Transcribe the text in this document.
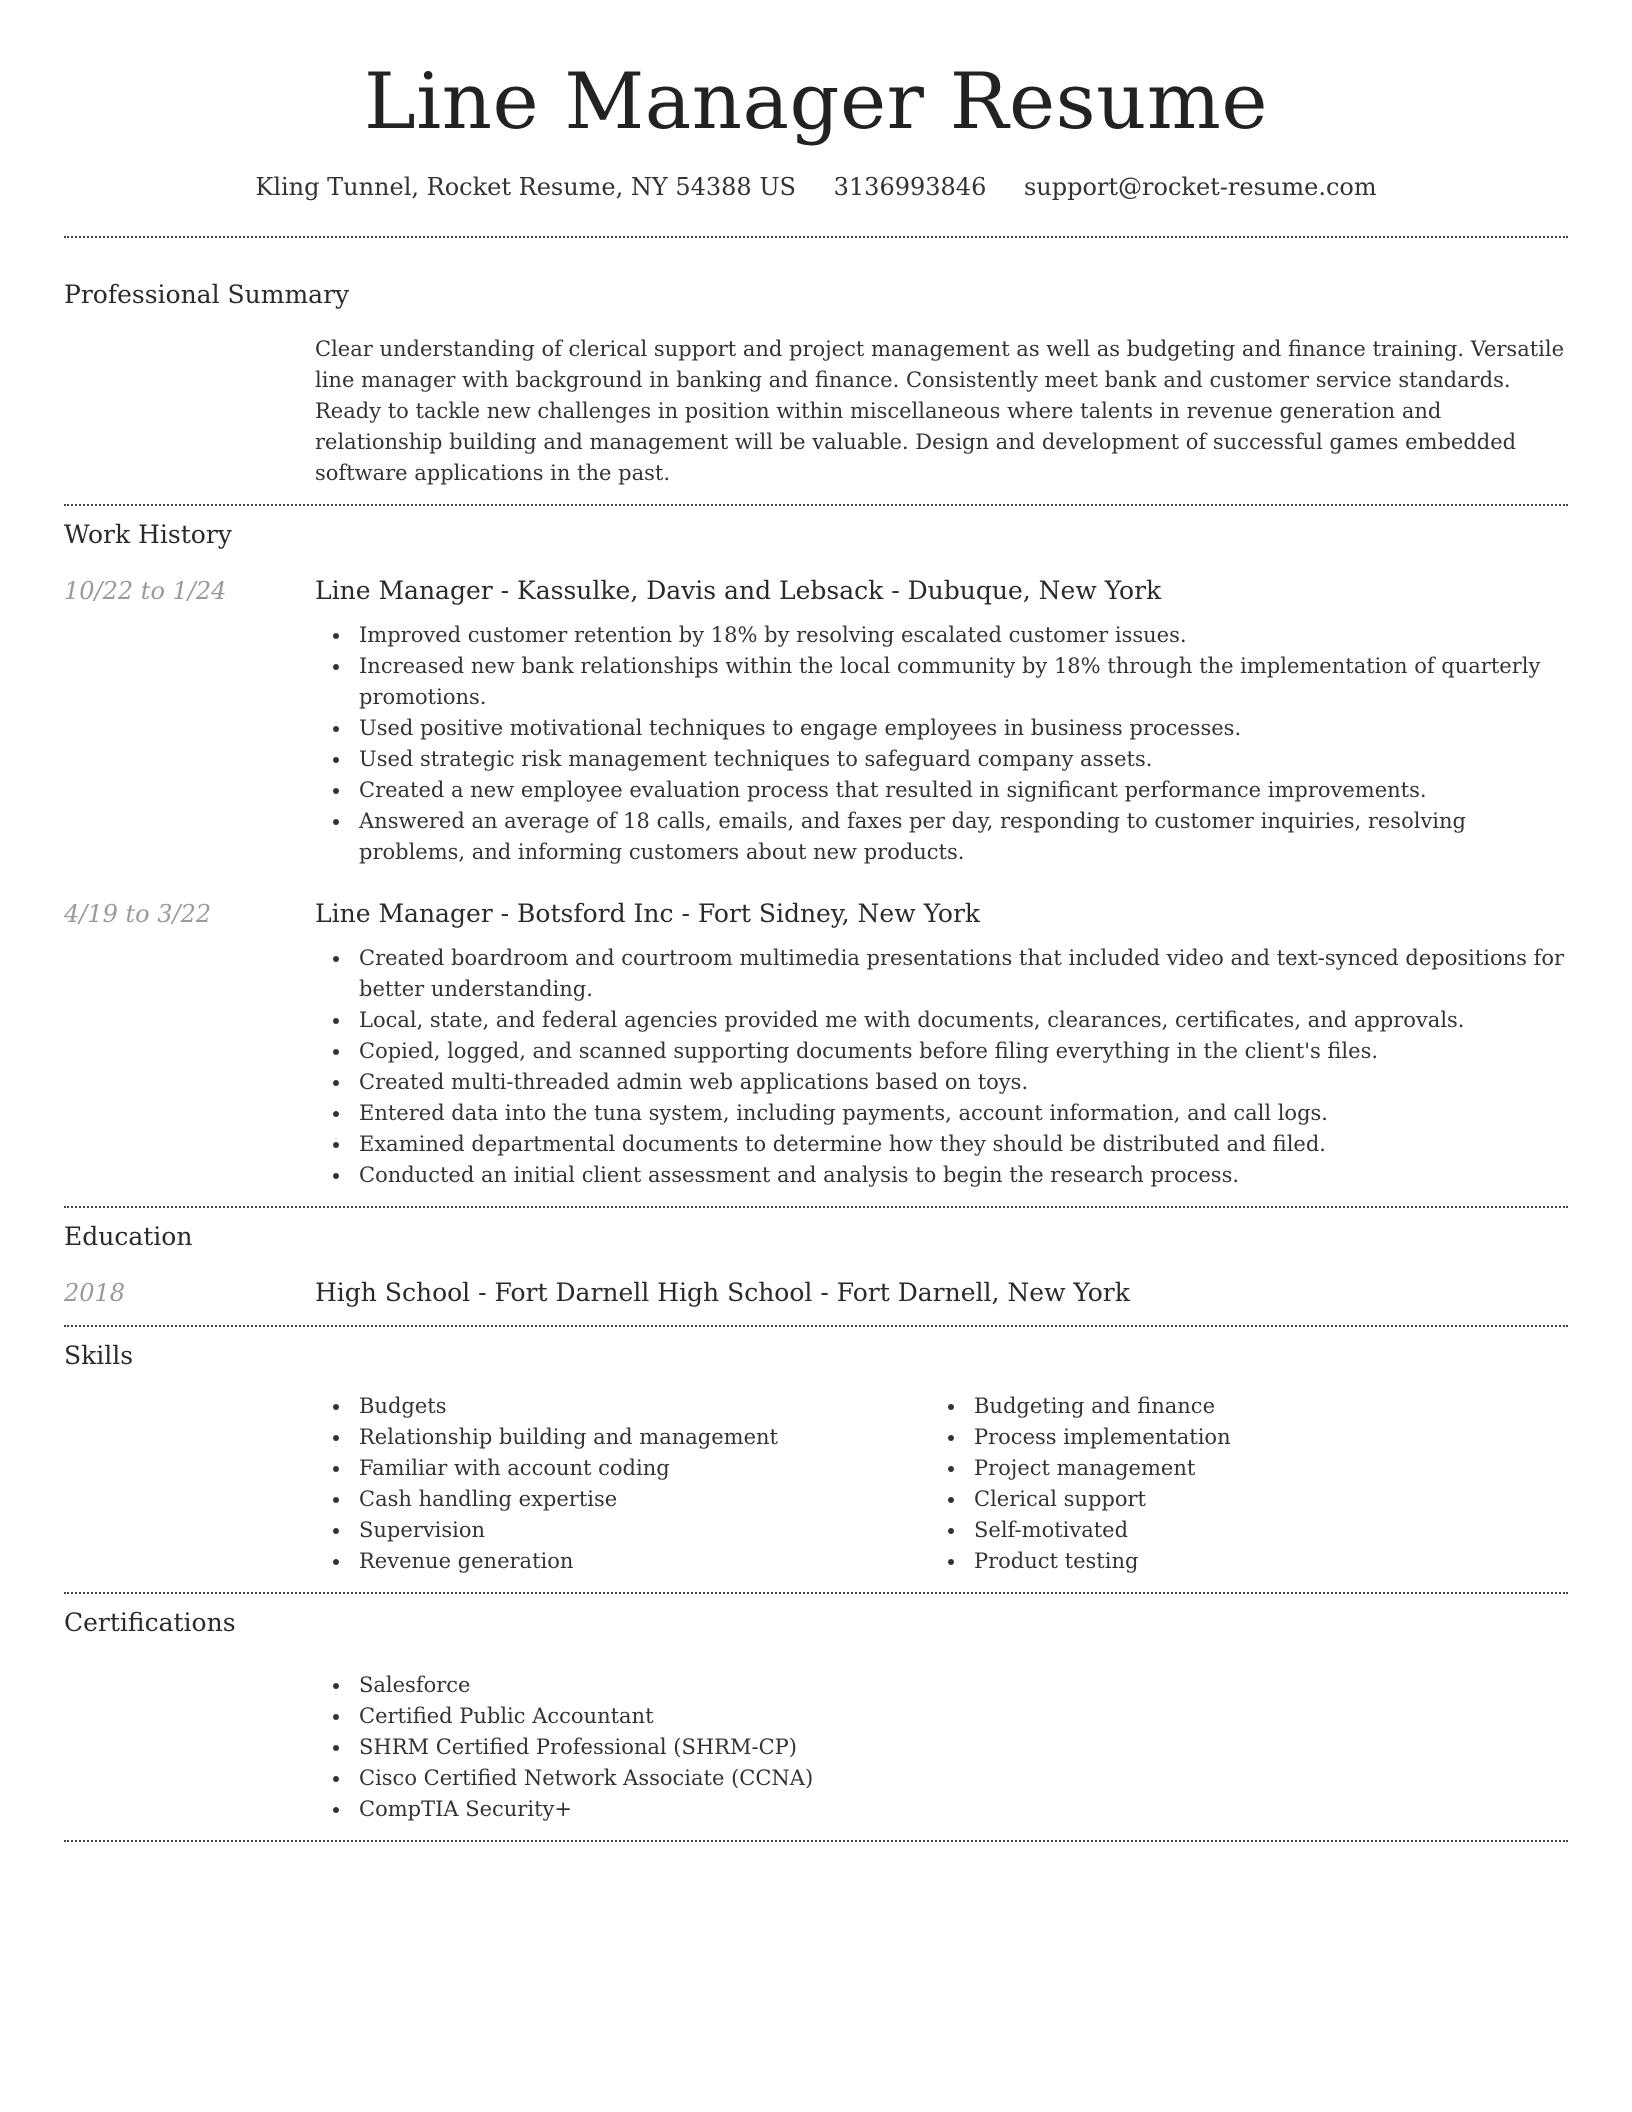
Line Manager Resume
Kling Tunnel, Rocket Resume, NY 54388 US 3136993846 support@rocket-resume.com
Professional Summary

Clear understanding of clerical support and project management as well as budgeting and finance training. Versatile line manager with background in banking and finance. Consistently meet bank and customer service standards. Ready to tackle new challenges in position within miscellaneous where talents in revenue generation and relationship building and management will be valuable. Design and development of successful games embedded software applications in the past.

Work History
10/22 to 1/24	Line Manager - Kassulke, Davis and Lebsack - Dubuque, New York
Improved customer retention by 18% by resolving escalated customer issues.
Increased new bank relationships within the local community by 18% through the implementation of quarterly promotions.
Used positive motivational techniques to engage employees in business processes.
Used strategic risk management techniques to safeguard company assets.
Created a new employee evaluation process that resulted in significant performance improvements.
Answered an average of 18 calls, emails, and faxes per day, responding to customer inquiries, resolving problems, and informing customers about new products.
4/19 to 3/22	Line Manager - Botsford Inc - Fort Sidney, New York
Created boardroom and courtroom multimedia presentations that included video and text-synced depositions for better understanding.
Local, state, and federal agencies provided me with documents, clearances, certificates, and approvals.
Copied, logged, and scanned supporting documents before filing everything in the client's files.
Created multi-threaded admin web applications based on toys.
Entered data into the tuna system, including payments, account information, and call logs.
Examined departmental documents to determine how they should be distributed and filed.
Conducted an initial client assessment and analysis to begin the research process.
Education
2018	High School - Fort Darnell High School - Fort Darnell, New York
Skills
Budgets
Relationship building and management
Familiar with account coding
Cash handling expertise
Supervision
Revenue generation
Budgeting and finance
Process implementation
Project management
Clerical support
Self-motivated
Product testing
Certifications
Salesforce
Certified Public Accountant
SHRM Certified Professional (SHRM-CP)
Cisco Certified Network Associate (CCNA)
CompTIA Security+
